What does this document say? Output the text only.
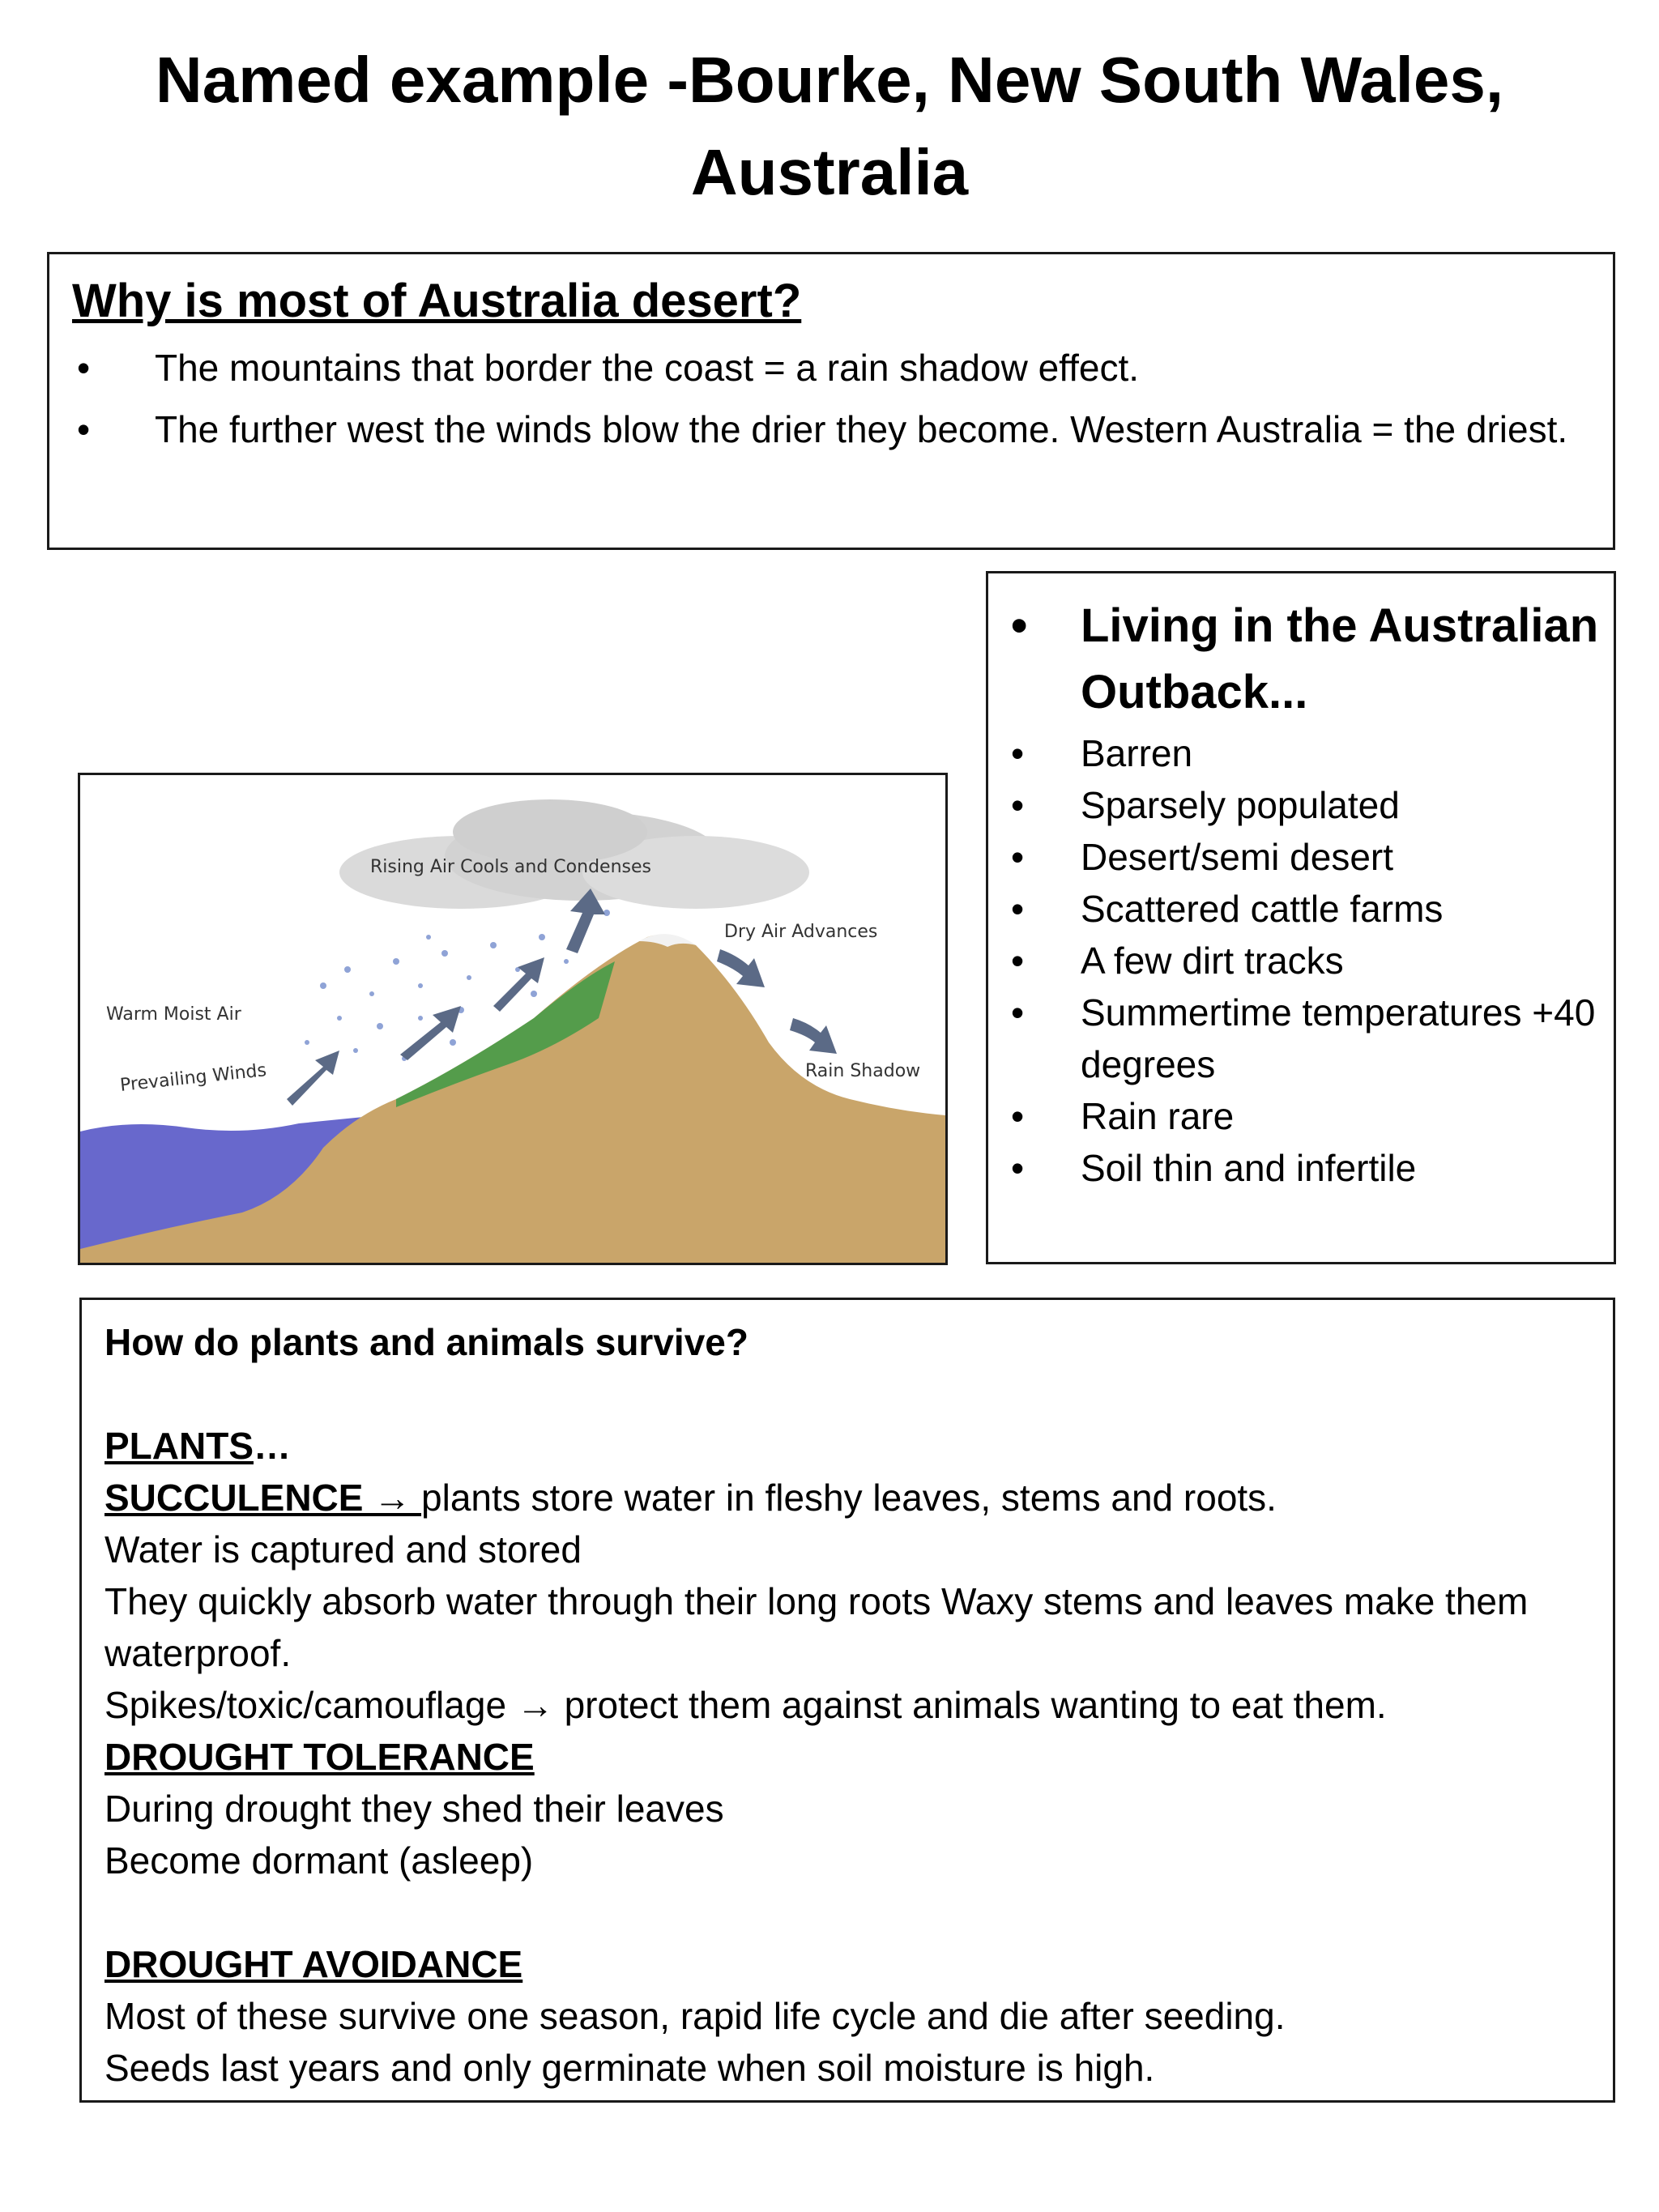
Named example -Bourke, New South Wales, Australia
Why is most of Australia desert?
• The mountains that border the coast = a rain shadow effect.
• The further west the winds blow the drier they become. Western Australia = the driest.
Rising Air Cools and Condenses
Dry Air Advances
Warm Moist Air
Prevailing Winds	Rain Shadow
• Living in the Australian Outback...
• Barren
• Sparsely populated
• Desert/semi desert
• Scattered cattle farms
• A few dirt tracks
• Summertime temperatures +40 degrees
• Rain rare
• Soil thin and infertile

How do plants and animals survive?

PLANTS…

SUCCULENCE → plants store water in fleshy leaves, stems and roots.

Water is captured and stored

They quickly absorb water through their long roots Waxy stems and leaves make them waterproof.

Spikes/toxic/camouflage → protect them against animals wanting to eat them.

DROUGHT TOLERANCE

During drought they shed their leaves

Become dormant (asleep)

DROUGHT AVOIDANCE

Most of these survive one season, rapid life cycle and die after seeding.

Seeds last years and only germinate when soil moisture is high.
